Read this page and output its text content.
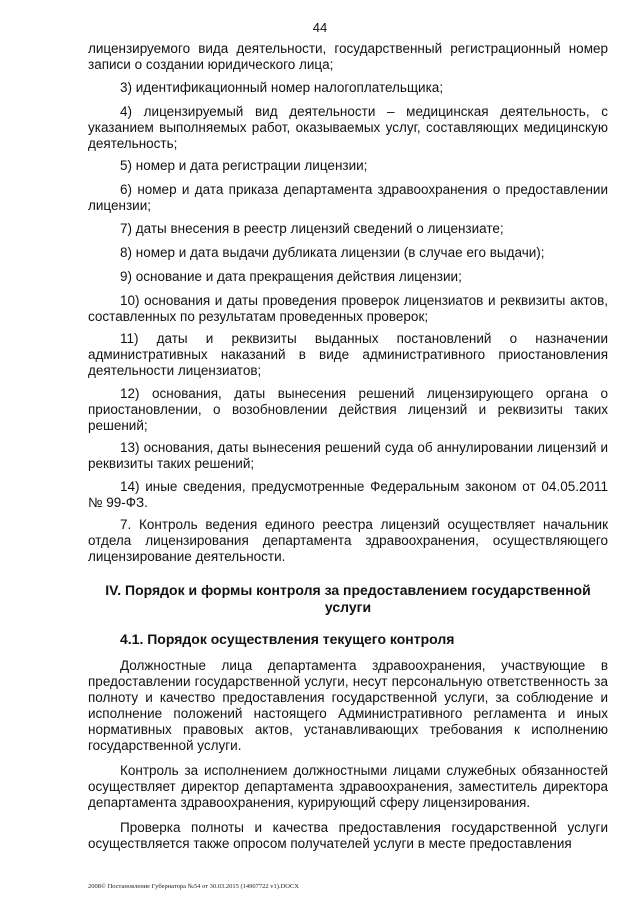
44

лицензируемого вида деятельности, государственный регистрационный номер записи о создании юридического лица;

3) идентификационный номер налогоплательщика;

4) лицензируемый вид деятельности – медицинская деятельность, с указанием выполняемых работ, оказываемых услуг, составляющих медицинскую деятельность;

5) номер и дата регистрации лицензии;

6) номер и дата приказа департамента здравоохранения о предоставлении лицензии;

7) даты внесения в реестр лицензий сведений о лицензиате;

8) номер и дата выдачи дубликата лицензии (в случае его выдачи);

9) основание и дата прекращения действия лицензии;

10) основания и даты проведения проверок лицензиатов и реквизиты актов, составленных по результатам проведенных проверок;

11) даты и реквизиты выданных постановлений о назначении административных наказаний в виде административного приостановления деятельности лицензиатов;

12) основания, даты вынесения решений лицензирующего органа о приостановлении, о возобновлении действия лицензий и реквизиты таких решений;

13) основания, даты вынесения решений суда об аннулировании лицензий и реквизиты таких решений;

14) иные сведения, предусмотренные Федеральным законом от 04.05.2011 № 99-ФЗ.

7. Контроль ведения единого реестра лицензий осуществляет начальник отдела лицензирования департамента здравоохранения, осуществляющего лицензирование деятельности.

IV. Порядок и формы контроля за предоставлением государственной услуги
4.1. Порядок осуществления текущего контроля

Должностные лица департамента здравоохранения, участвующие в предоставлении государственной услуги, несут персональную ответственность за полноту и качество предоставления государственной услуги, за соблюдение и исполнение положений настоящего Административного регламента и иных нормативных правовых актов, устанавливающих требования к исполнению государственной услуги.

Контроль за исполнением должностными лицами служебных обязанностей осуществляет директор департамента здравоохранения, заместитель директора департамента здравоохранения, курирующий сферу лицензирования.

Проверка полноты и качества предоставления государственной услуги осуществляется также опросом получателей услуги в месте предоставления

2008© Постановление Губернатора №54 от 30.03.2015 (14907722 v1).DOCX
